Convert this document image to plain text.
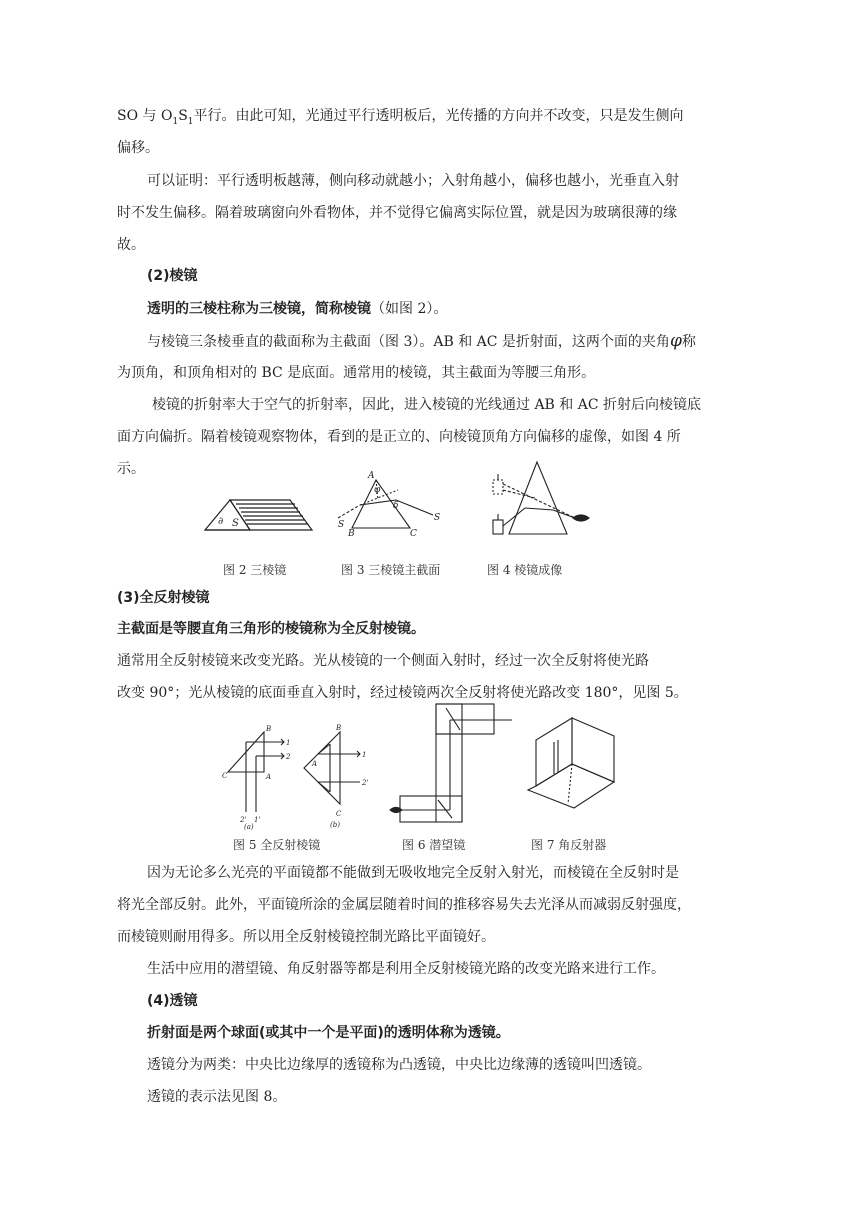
SO 与 $O_1S_1$平行。由此可知，光通过平行透明板后，光传播的方向并不改变，只是发生侧向
偏移。
可以证明：平行透明板越薄，侧向移动就越小；入射角越小，偏移也越小，光垂直入射
时不发生偏移。隔着玻璃窗向外看物体，并不觉得它偏离实际位置，就是因为玻璃很薄的缘
故。
(2)棱镜
透明的三棱柱称为三棱镜，简称棱镜（如图 2）。
与棱镜三条棱垂直的截面称为主截面（图 3）。AB 和 AC 是折射面，这两个面的夹角φ称
为顶角，和顶角相对的 BC 是底面。通常用的棱镜，其主截面为等腰三角形。
棱镜的折射率大于空气的折射率，因此，进入棱镜的光线通过 AB 和 AC 折射后向棱镜底
面方向偏折。隔着棱镜观察物体，看到的是正立的、向棱镜顶角方向偏移的虚像，如图 4 所
示。
∂ S
A
B	C
S
S
φ
δ
图 2 三棱镜	图 3 三棱镜主截面	图 4 棱镜成像
(3)全反射棱镜
主截面是等腰直角三角形的棱镜称为全反射棱镜。
通常用全反射棱镜来改变光路。光从棱镜的一个侧面入射时，经过一次全反射将使光路
改变 90°；光从棱镜的底面垂直入射时，经过棱镜两次全反射将使光路改变 180°，见图 5。
B
C	A
1
2
2' 1'
(a)
B
C
A
1
2'
(b)
图 5 全反射棱镜	图 6 潜望镜	图 7 角反射器
因为无论多么光亮的平面镜都不能做到无吸收地完全反射入射光，而棱镜在全反射时是
将光全部反射。此外，平面镜所涂的金属层随着时间的推移容易失去光泽从而减弱反射强度，
而棱镜则耐用得多。所以用全反射棱镜控制光路比平面镜好。
生活中应用的潜望镜、角反射器等都是利用全反射棱镜光路的改变光路来进行工作。
(4)透镜
折射面是两个球面(或其中一个是平面)的透明体称为透镜。
透镜分为两类：中央比边缘厚的透镜称为凸透镜，中央比边缘薄的透镜叫凹透镜。
透镜的表示法见图 8。
